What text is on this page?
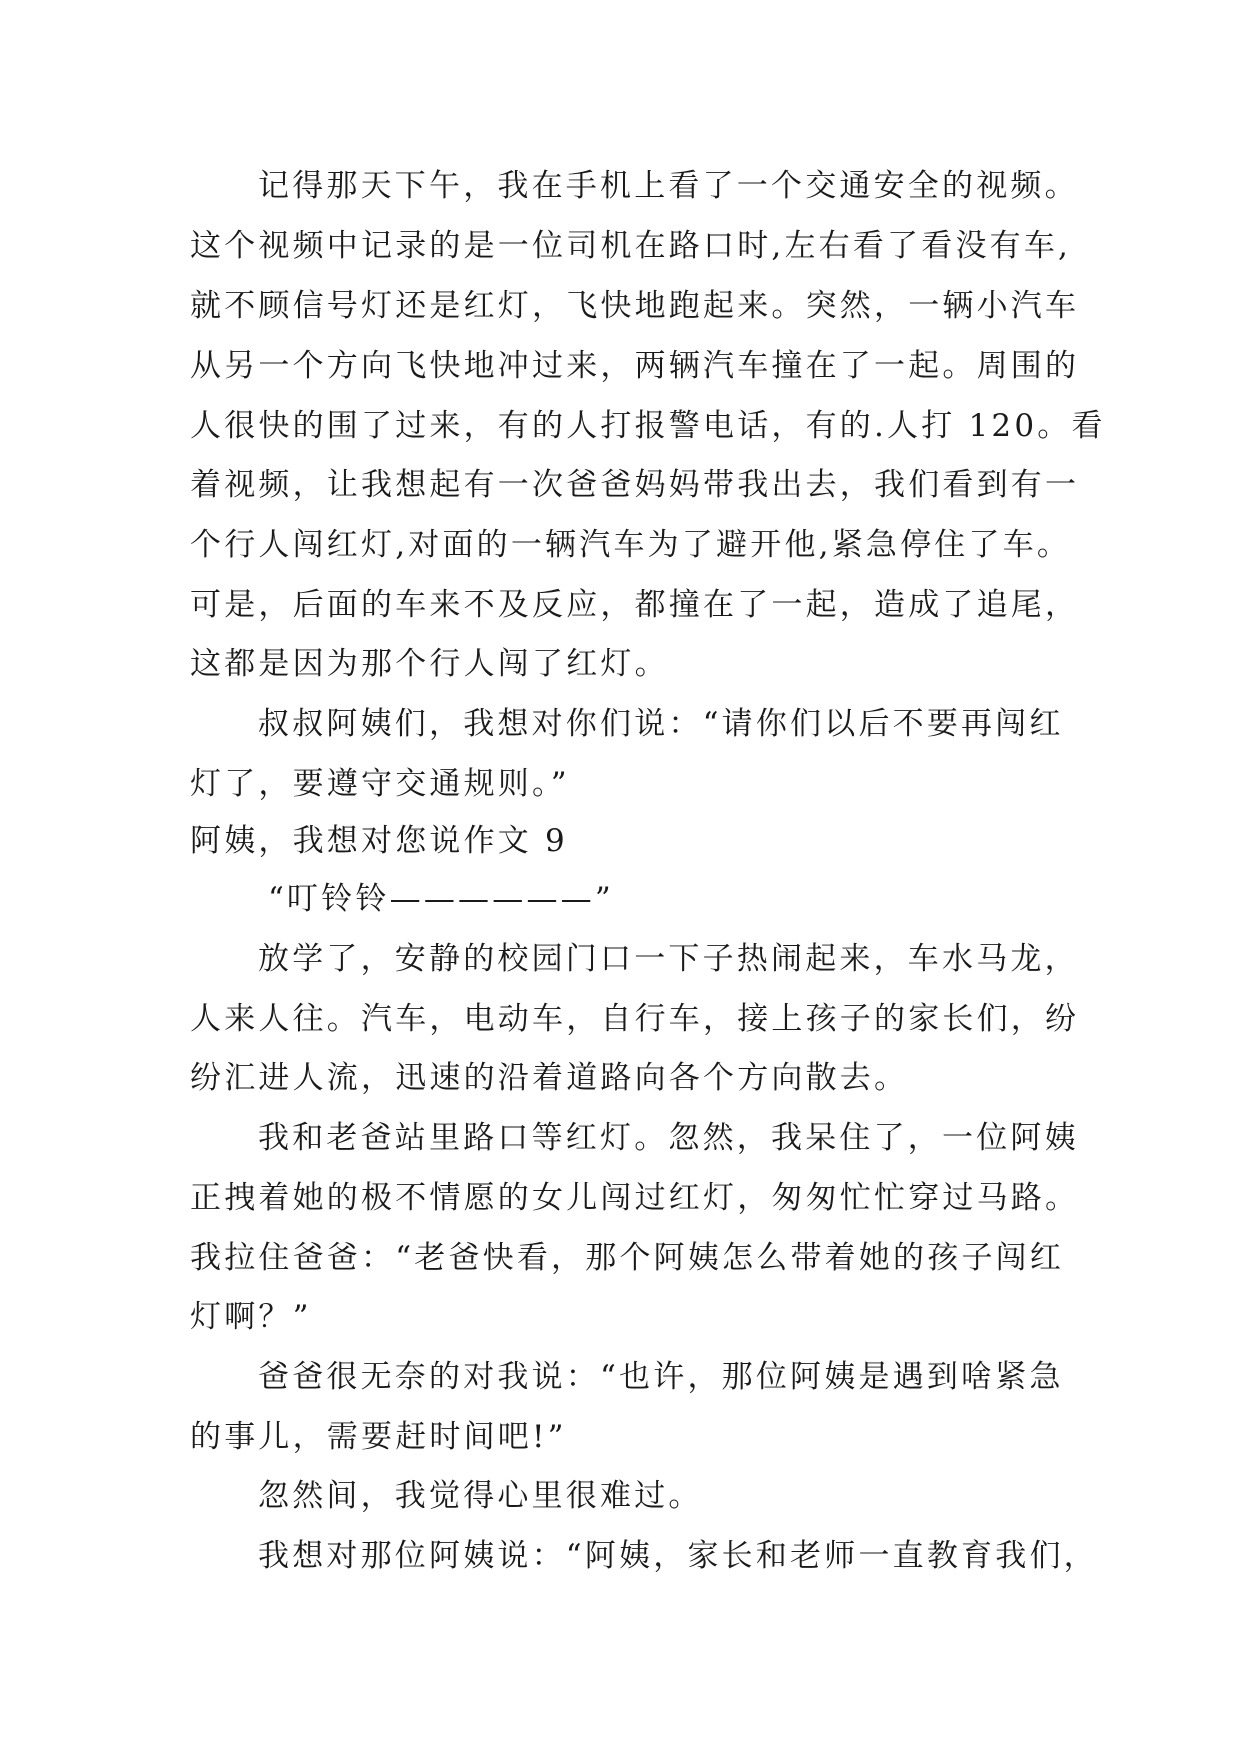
记得那天下午，我在手机上看了一个交通安全的视频。
这个视频中记录的是一位司机在路口时,左右看了看没有车,
就不顾信号灯还是红灯，飞快地跑起来。突然，一辆小汽车
从另一个方向飞快地冲过来，两辆汽车撞在了一起。周围的
人很快的围了过来，有的人打报警电话，有的.人打 120。看
着视频，让我想起有一次爸爸妈妈带我出去，我们看到有一
个行人闯红灯,对面的一辆汽车为了避开他,紧急停住了车。
可是，后面的车来不及反应，都撞在了一起，造成了追尾，
这都是因为那个行人闯了红灯。
叔叔阿姨们，我想对你们说：“请你们以后不要再闯红
灯了，要遵守交通规则。”
阿姨，我想对您说作文 9
“叮铃铃——————”
放学了，安静的校园门口一下子热闹起来，车水马龙，
人来人往。汽车，电动车，自行车，接上孩子的家长们，纷
纷汇进人流，迅速的沿着道路向各个方向散去。
我和老爸站里路口等红灯。忽然，我呆住了，一位阿姨
正拽着她的极不情愿的女儿闯过红灯，匆匆忙忙穿过马路。
我拉住爸爸：“老爸快看，那个阿姨怎么带着她的孩子闯红
灯啊？”
爸爸很无奈的对我说：“也许，那位阿姨是遇到啥紧急
的事儿，需要赶时间吧!”
忽然间，我觉得心里很难过。
我想对那位阿姨说：“阿姨，家长和老师一直教育我们，
